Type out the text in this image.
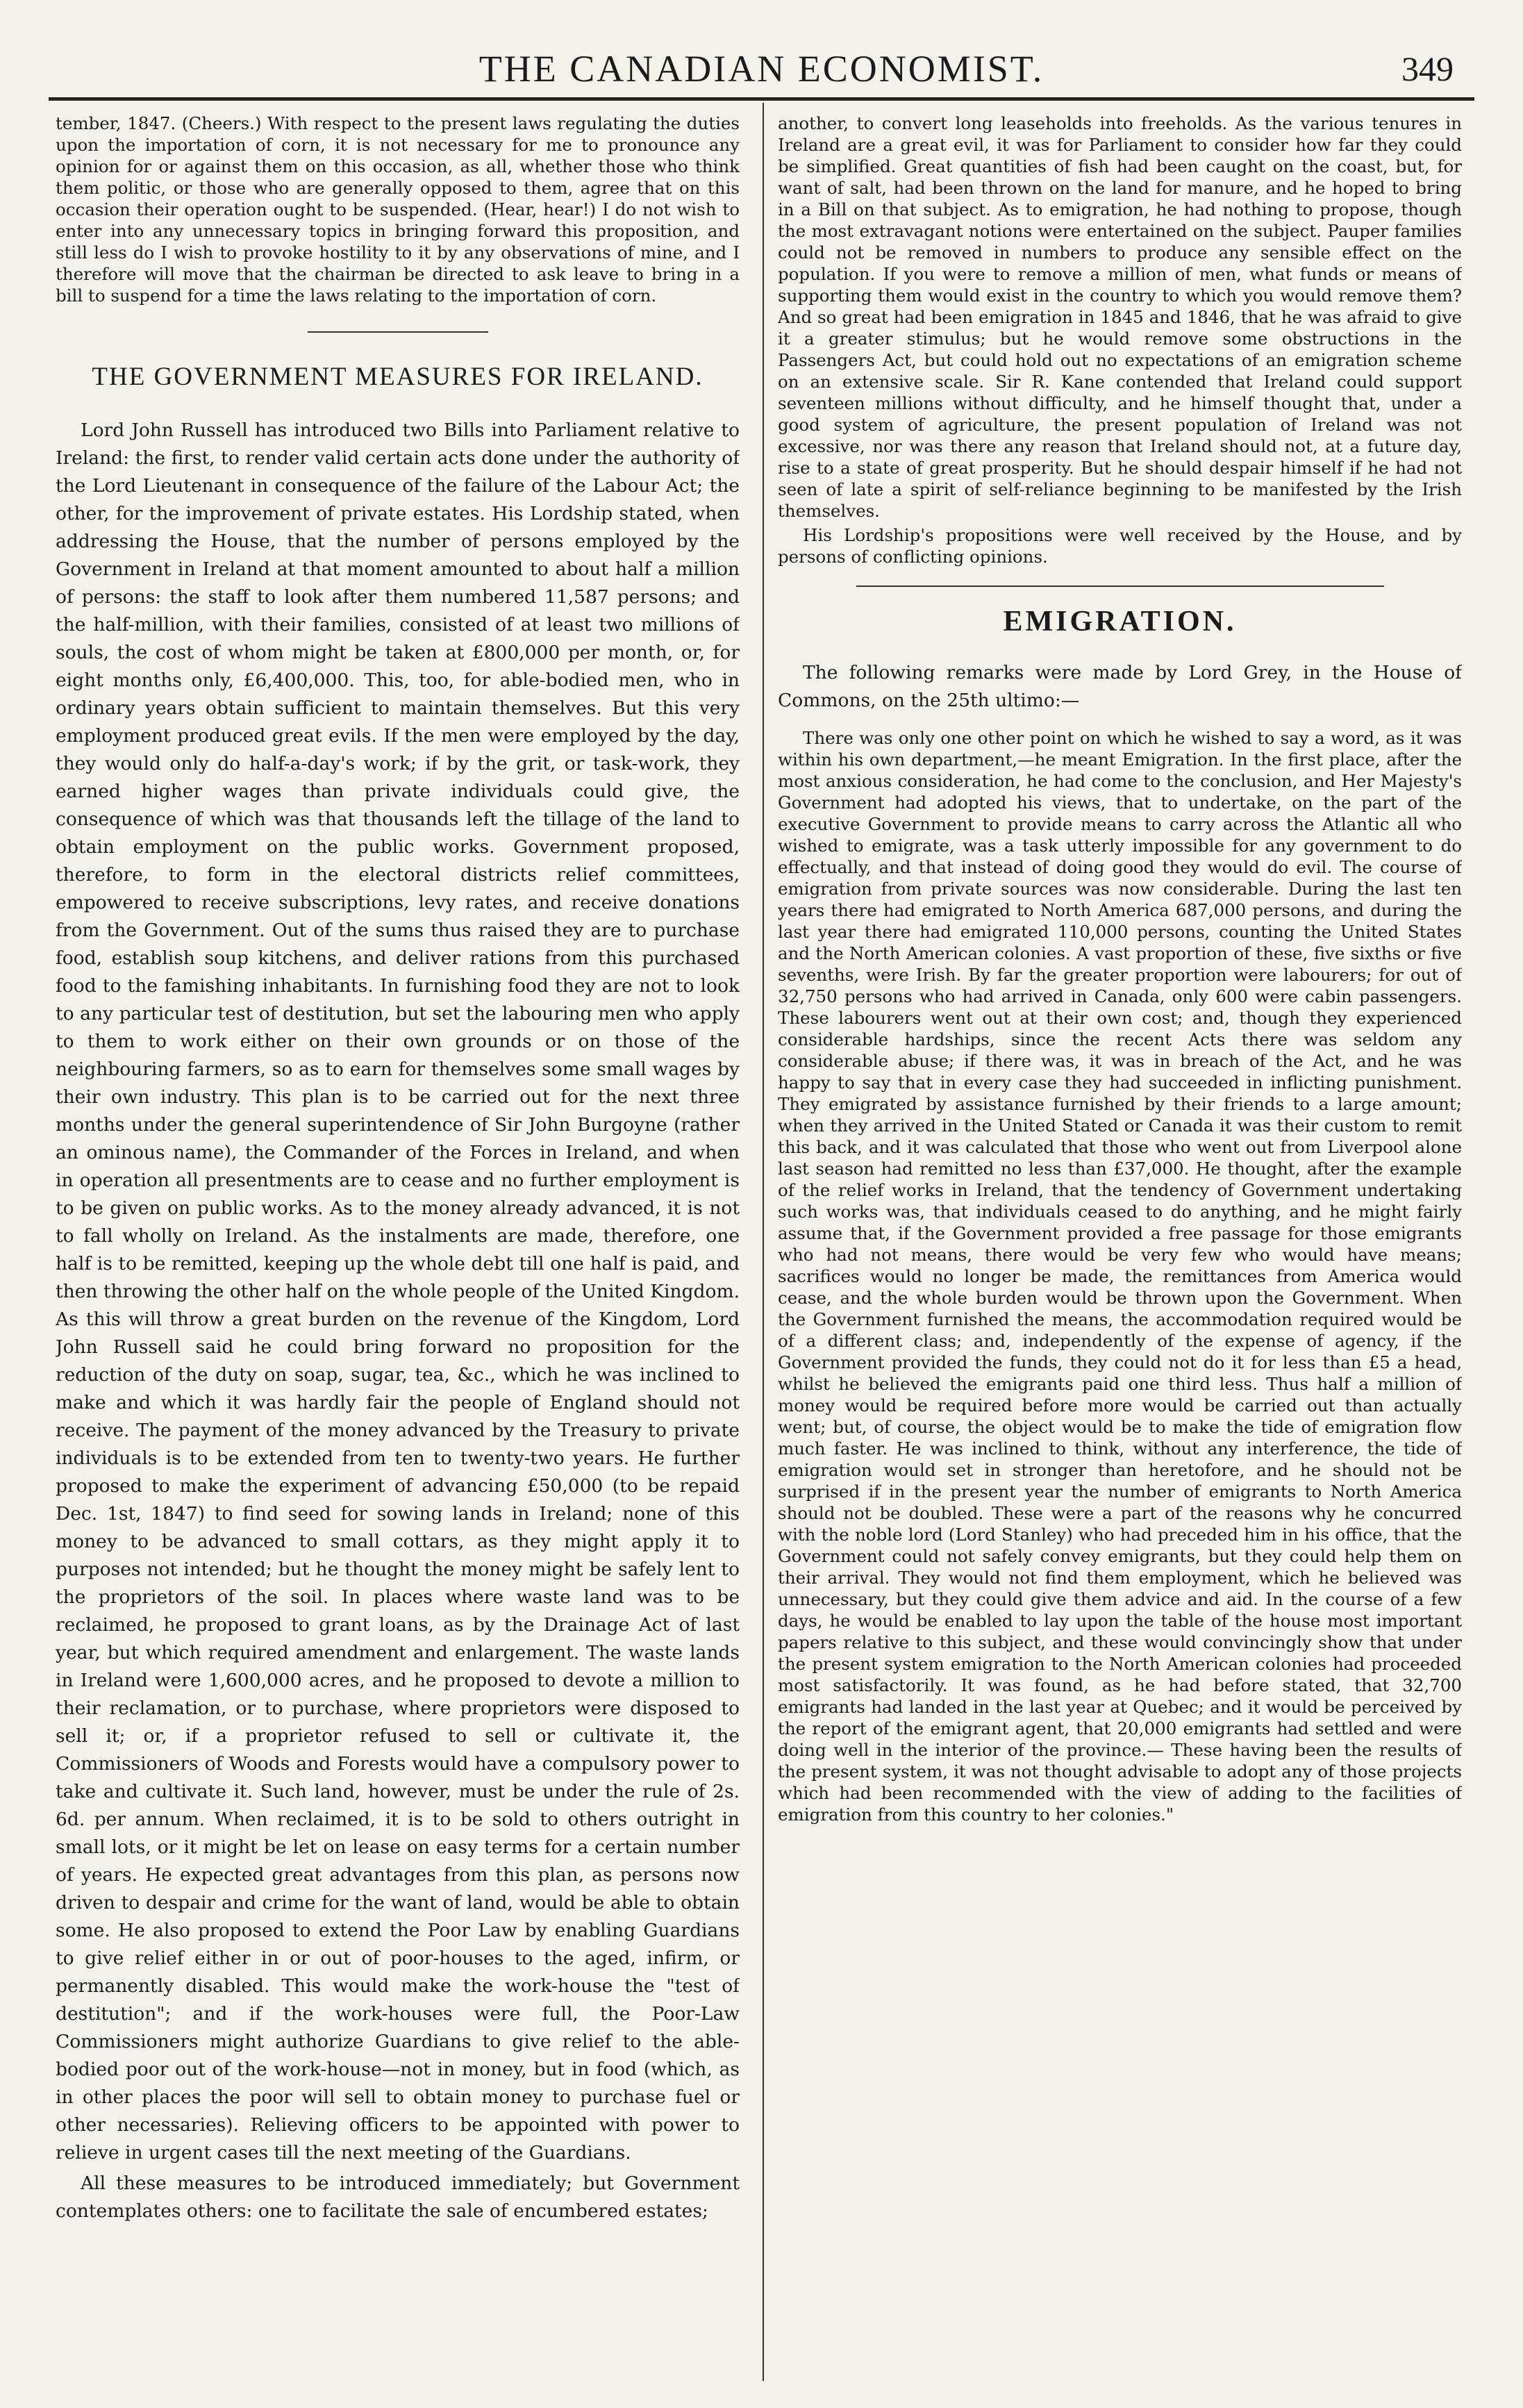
THE CANADIAN ECONOMIST.	349

tember, 1847. (Cheers.) With respect to the present laws regulating the duties upon the importation of corn, it is not necessary for me to pronounce any opinion for or against them on this occasion, as all, whether those who think them politic, or those who are generally opposed to them, agree that on this occasion their operation ought to be suspended. (Hear, hear!) I do not wish to enter into any unnecessary topics in bringing forward this proposition, and still less do I wish to provoke hostility to it by any observations of mine, and I therefore will move that the chairman be directed to ask leave to bring in a bill to suspend for a time the laws relating to the importation of corn.

THE GOVERNMENT MEASURES FOR IRELAND.

Lord John Russell has introduced two Bills into Parliament relative to Ireland: the first, to render valid certain acts done under the authority of the Lord Lieutenant in consequence of the failure of the Labour Act; the other, for the improvement of private estates. His Lordship stated, when addressing the House, that the number of persons employed by the Government in Ireland at that moment amounted to about half a million of persons: the staff to look after them numbered 11,587 persons; and the half-million, with their families, consisted of at least two millions of souls, the cost of whom might be taken at £800,000 per month, or, for eight months only, £6,400,000. This, too, for able-bodied men, who in ordinary years obtain sufficient to maintain themselves. But this very employment produced great evils. If the men were employed by the day, they would only do half-a-day's work; if by the grit, or task-work, they earned higher wages than private individuals could give, the consequence of which was that thousands left the tillage of the land to obtain employment on the public works. Government proposed, therefore, to form in the electoral districts relief committees, empowered to receive subscriptions, levy rates, and receive donations from the Government. Out of the sums thus raised they are to purchase food, establish soup kitchens, and deliver rations from this purchased food to the famishing inhabitants. In furnishing food they are not to look to any particular test of destitution, but set the labouring men who apply to them to work either on their own grounds or on those of the neighbouring farmers, so as to earn for themselves some small wages by their own industry. This plan is to be carried out for the next three months under the general superintendence of Sir John Burgoyne (rather an ominous name), the Commander of the Forces in Ireland, and when in operation all presentments are to cease and no further employment is to be given on public works. As to the money already advanced, it is not to fall wholly on Ireland. As the instalments are made, therefore, one half is to be remitted, keeping up the whole debt till one half is paid, and then throwing the other half on the whole people of the United Kingdom. As this will throw a great burden on the revenue of the Kingdom, Lord John Russell said he could bring forward no proposition for the reduction of the duty on soap, sugar, tea, &c., which he was inclined to make and which it was hardly fair the people of England should not receive. The payment of the money advanced by the Treasury to private individuals is to be extended from ten to twenty-two years. He further proposed to make the experiment of advancing £50,000 (to be repaid Dec. 1st, 1847) to find seed for sowing lands in Ireland; none of this money to be advanced to small cottars, as they might apply it to purposes not intended; but he thought the money might be safely lent to the proprietors of the soil. In places where waste land was to be reclaimed, he proposed to grant loans, as by the Drainage Act of last year, but which required amendment and enlargement. The waste lands in Ireland were 1,600,000 acres, and he proposed to devote a million to their reclamation, or to purchase, where proprietors were disposed to sell it; or, if a proprietor refused to sell or cultivate it, the Commissioners of Woods and Forests would have a compulsory power to take and cultivate it. Such land, however, must be under the rule of 2s. 6d. per annum. When reclaimed, it is to be sold to others outright in small lots, or it might be let on lease on easy terms for a certain number of years. He expected great advantages from this plan, as persons now driven to despair and crime for the want of land, would be able to obtain some. He also proposed to extend the Poor Law by enabling Guardians to give relief either in or out of poor-houses to the aged, infirm, or permanently disabled. This would make the work-house the "test of destitution"; and if the work-houses were full, the Poor-Law Commissioners might authorize Guardians to give relief to the able-bodied poor out of the work-house—not in money, but in food (which, as in other places the poor will sell to obtain money to purchase fuel or other necessaries). Relieving officers to be appointed with power to relieve in urgent cases till the next meeting of the Guardians.

All these measures to be introduced immediately; but Government contemplates others: one to facilitate the sale of encumbered estates;

another, to convert long leaseholds into freeholds. As the various tenures in Ireland are a great evil, it was for Parliament to consider how far they could be simplified. Great quantities of fish had been caught on the coast, but, for want of salt, had been thrown on the land for manure, and he hoped to bring in a Bill on that subject. As to emigration, he had nothing to propose, though the most extravagant notions were entertained on the subject. Pauper families could not be removed in numbers to produce any sensible effect on the population. If you were to remove a million of men, what funds or means of supporting them would exist in the country to which you would remove them? And so great had been emigration in 1845 and 1846, that he was afraid to give it a greater stimulus; but he would remove some obstructions in the Passengers Act, but could hold out no expectations of an emigration scheme on an extensive scale. Sir R. Kane contended that Ireland could support seventeen millions without difficulty, and he himself thought that, under a good system of agriculture, the present population of Ireland was not excessive, nor was there any reason that Ireland should not, at a future day, rise to a state of great prosperity. But he should despair himself if he had not seen of late a spirit of self-reliance beginning to be manifested by the Irish themselves.

His Lordship's propositions were well received by the House, and by persons of conflicting opinions.

EMIGRATION.

The following remarks were made by Lord Grey, in the House of Commons, on the 25th ultimo:—

There was only one other point on which he wished to say a word, as it was within his own department,—he meant Emigration. In the first place, after the most anxious consideration, he had come to the conclusion, and Her Majesty's Government had adopted his views, that to undertake, on the part of the executive Government to provide means to carry across the Atlantic all who wished to emigrate, was a task utterly impossible for any government to do effectually, and that instead of doing good they would do evil. The course of emigration from private sources was now considerable. During the last ten years there had emigrated to North America 687,000 persons, and during the last year there had emigrated 110,000 persons, counting the United States and the North American colonies. A vast proportion of these, five sixths or five sevenths, were Irish. By far the greater proportion were labourers; for out of 32,750 persons who had arrived in Canada, only 600 were cabin passengers. These labourers went out at their own cost; and, though they experienced considerable hardships, since the recent Acts there was seldom any considerable abuse; if there was, it was in breach of the Act, and he was happy to say that in every case they had succeeded in inflicting punishment. They emigrated by assistance furnished by their friends to a large amount; when they arrived in the United Stated or Canada it was their custom to remit this back, and it was calculated that those who went out from Liverpool alone last season had remitted no less than £37,000. He thought, after the example of the relief works in Ireland, that the tendency of Government undertaking such works was, that individuals ceased to do anything, and he might fairly assume that, if the Government provided a free passage for those emigrants who had not means, there would be very few who would have means; sacrifices would no longer be made, the remittances from America would cease, and the whole burden would be thrown upon the Government. When the Government furnished the means, the accommodation required would be of a different class; and, independently of the expense of agency, if the Government provided the funds, they could not do it for less than £5 a head, whilst he believed the emigrants paid one third less. Thus half a million of money would be required before more would be carried out than actually went; but, of course, the object would be to make the tide of emigration flow much faster. He was inclined to think, without any interference, the tide of emigration would set in stronger than heretofore, and he should not be surprised if in the present year the number of emigrants to North America should not be doubled. These were a part of the reasons why he concurred with the noble lord (Lord Stanley) who had preceded him in his office, that the Government could not safely convey emigrants, but they could help them on their arrival. They would not find them employment, which he believed was unnecessary, but they could give them advice and aid. In the course of a few days, he would be enabled to lay upon the table of the house most important papers relative to this subject, and these would convincingly show that under the present system emigration to the North American colonies had proceeded most satisfactorily. It was found, as he had before stated, that 32,700 emigrants had landed in the last year at Quebec; and it would be perceived by the report of the emigrant agent, that 20,000 emigrants had settled and were doing well in the interior of the province.— These having been the results of the present system, it was not thought advisable to adopt any of those projects which had been recommended with the view of adding to the facilities of emigration from this country to her colonies."
